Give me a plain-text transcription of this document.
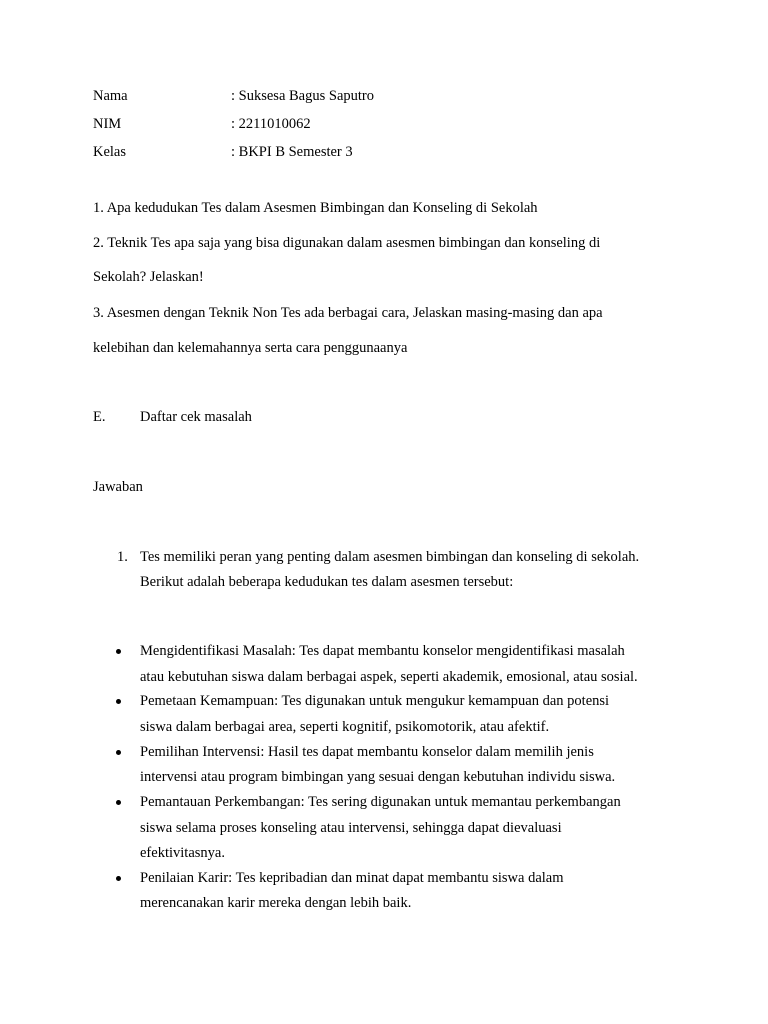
Nama	: Suksesa Bagus Saputro
NIM	: 2211010062
Kelas	: BKPI B Semester 3
1. Apa kedudukan Tes dalam Asesmen Bimbingan dan Konseling di Sekolah
2. Teknik Tes apa saja yang bisa digunakan dalam asesmen bimbingan dan konseling di
Sekolah? Jelaskan!
3. Asesmen dengan Teknik Non Tes ada berbagai cara, Jelaskan masing-masing dan apa
kelebihan dan kelemahannya serta cara penggunaanya
E. Daftar cek masalah
Jawaban
1. Tes memiliki peran yang penting dalam asesmen bimbingan dan konseling di sekolah.
Berikut adalah beberapa kedudukan tes dalam asesmen tersebut:
Mengidentifikasi Masalah: Tes dapat membantu konselor mengidentifikasi masalah
atau kebutuhan siswa dalam berbagai aspek, seperti akademik, emosional, atau sosial.
Pemetaan Kemampuan: Tes digunakan untuk mengukur kemampuan dan potensi
siswa dalam berbagai area, seperti kognitif, psikomotorik, atau afektif.
Pemilihan Intervensi: Hasil tes dapat membantu konselor dalam memilih jenis
intervensi atau program bimbingan yang sesuai dengan kebutuhan individu siswa.
Pemantauan Perkembangan: Tes sering digunakan untuk memantau perkembangan
siswa selama proses konseling atau intervensi, sehingga dapat dievaluasi
efektivitasnya.
Penilaian Karir: Tes kepribadian dan minat dapat membantu siswa dalam
merencanakan karir mereka dengan lebih baik.
